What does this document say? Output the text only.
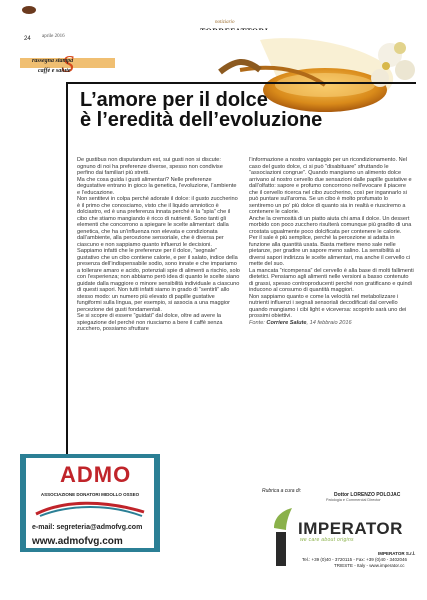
24 aprile 2016
notiziario
S
rassegna stampa
caffè e salute
L’amore per il dolce
è l’eredità dell’evoluzione

De gustibus non disputandum est, sui gusti non si discute: ognuno di noi ha preferenze diverse, spesso non condivise perfino dai familiari più stretti.

Ma che cosa guida i gusti alimentari? Nelle preferenze degustative entrano in gioco la genetica, l’evoluzione, l’ambiente e l’educazione.

Non sentitevi in colpa perché adorate il dolce: il gusto zuccherino è il primo che conosciamo, visto che il liquido amniotico è dolciastro, ed è una preferenza innata perché è la “spia” che il cibo che stiamo mangiando è ricco di nutrienti. Sono tanti gli elementi che concorrono a spiegare le scelte alimentari: dalla genetica, che ha un’influenza non elevata e condizionata dall’ambiente, alla percezione sensoriale, che è diversa per ciascuno e non sappiamo quanto influenzi le decisioni.

Sappiamo infatti che le preferenze per il dolce, “segnale” gustativo che un cibo contiene calorie, e per il salato, indice della presenza dell’indispensabile sodio, sono innate e che impariamo a tollerare amaro e acido, potenziali spie di alimenti a rischio, solo con l’esperienza; non abbiamo però idea di quanto le scelte siano guidate dalla maggiore o minore sensibilità individuale a ciascuno di questi sapori. Non tutti infatti siamo in grado di “sentirli” allo stesso modo: un numero più elevato di papille gustative fungiformi sulla lingua, per esempio, si associa a una maggior percezione dei gusti fondamentali.

Se si scopre di essere “guidati” dal dolce, oltre ad avere la spiegazione del perché non riusciamo a bere il caffè senza zucchero, possiamo sfruttare

l’informazione a nostro vantaggio per un ricondizionamento. Nel caso del gusto dolce, ci si può “disabituare” sfruttando le “associazioni congrue”. Quando mangiamo un alimento dolce arrivano al nostro cervello due sensazioni dalle papille gustative e dall’olfatto: sapore e profumo concorrono nell’evocare il piacere che il cervello ricerca nel cibo zuccherino, così per ingannarlo si può puntare sull’aroma. Se un cibo è molto profumato lo sentiremo un po’ più dolce di quanto sia in realtà e riusciremo a contenere le calorie.

Anche la cremosità di un piatto aiuta chi ama il dolce. Un dessert morbido con poco zucchero risulterà comunque più gradito di una crostata ugualmente poco dolcificata per contenere le calorie.

Per il sale è più semplice, perché la percezione si adatta in funzione alla quantità usata. Basta mettere meno sale nelle pietanze, per gradire un sapore meno salino. La sensibilità ai diversi sapori indirizza le scelte alimentari, ma anche il cervello ci mette del suo.

La mancata “ricompensa” del cervello è alla base di molti fallimenti dietetici. Pensiamo agli alimenti nelle versioni a basso contenuto di grassi, spesso controproducenti perché non gratificano e quindi inducono al consumo di quantità maggiori.

Non sappiamo quanto e come la velocità nel metabolizzare i nutrienti influenzi i segnali sensoriali decodificati dal cervello quando mangiamo i cibi light e viceversa: scoprirlo sarà uno dei prossimi obiettivi.

Fonte: Corriere Salute, 14 febbraio 2016

ADMO
ASSOCIAZIONE DONATORI MIDOLLO OSSEO
e-mail: segreteria@admofvg.com
www.admofvg.com
Rubrica a cura di:
Dottor LORENZO POLOJAC
Patologia e Commercial Director
IMPERATOR
we care about origins
IMPERATOR S.r.l.
Tel.: +39 (0)40 - 3720115 - Fax: +39 (0)40 - 3402046
TRIESTE - Italy - www.imperator.cc
